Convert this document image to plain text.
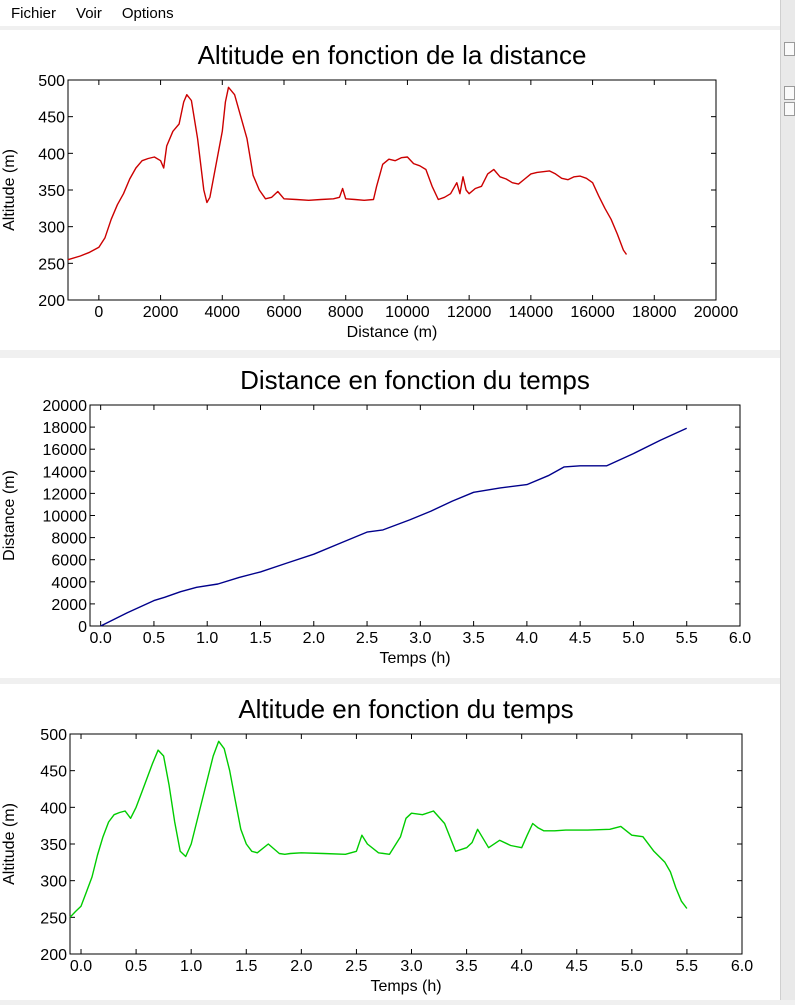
Fichier	Voir	Options
Altitude en fonction de la distance
0 2000 4000 6000 8000 10000 12000 14000 16000 18000 20000
200
250
300
350
400
450
500
Distance (m)
Altitude (m)
Distance en fonction du temps
0.0 0.5 1.0 1.5 2.0 2.5 3.0 3.5 4.0 4.5 5.0 5.5 6.0
0
2000
4000
6000
8000
10000
12000
14000
16000
18000
20000
Temps (h)
Distance (m)
Altitude en fonction du temps
0.0 0.5 1.0 1.5 2.0 2.5 3.0 3.5 4.0 4.5 5.0 5.5 6.0
200
250
300
350
400
450
500
Temps (h)
Altitude (m)
